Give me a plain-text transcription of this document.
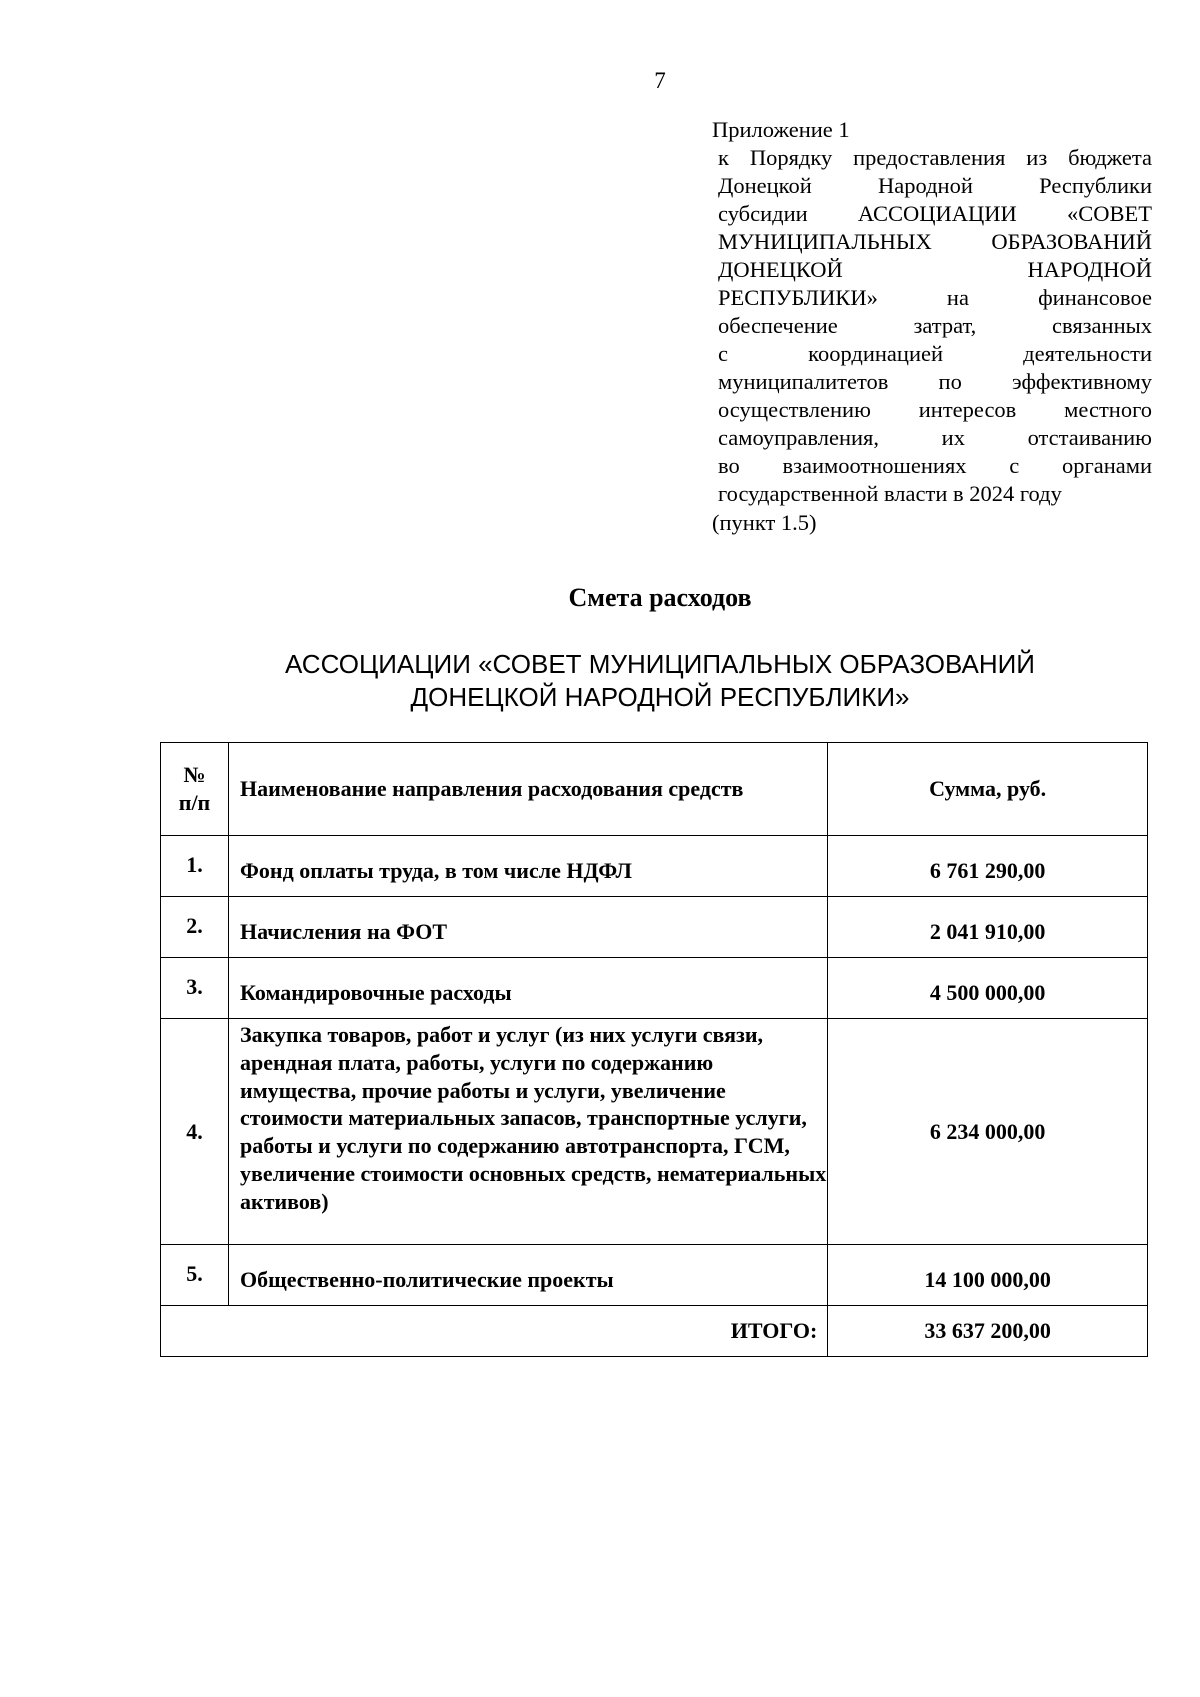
7
Приложение 1
к Порядку предоставления из бюджета
Донецкой Народной Республики
субсидии АССОЦИАЦИИ «СОВЕТ
МУНИЦИПАЛЬНЫХ ОБРАЗОВАНИЙ
ДОНЕЦКОЙ НАРОДНОЙ
РЕСПУБЛИКИ» на финансовое
обеспечение затрат, связанных
с координацией деятельности
муниципалитетов по эффективному
осуществлению интересов местного
самоуправления, их отстаиванию
во взаимоотношениях с органами
государственной власти в 2024 году
(пункт 1.5)
Смета расходов
АССОЦИАЦИИ «СОВЕТ МУНИЦИПАЛЬНЫХ ОБРАЗОВАНИЙ
ДОНЕЦКОЙ НАРОДНОЙ РЕСПУБЛИКИ»
№
п/п	Наименование направления расходования средств	Сумма, руб.
1.	Фонд оплаты труда, в том числе НДФЛ	6 761 290,00
2.	Начисления на ФОТ	2 041 910,00
3.	Командировочные расходы	4 500 000,00
4.	Закупка товаров, работ и услуг (из них услуги связи, арендная плата, работы, услуги по содержанию имущества, прочие работы и услуги, увеличение стоимости материальных запасов, транспортные услуги, работы и услуги по содержанию автотранспорта, ГСМ, увеличение стоимости основных средств, нематериальных активов)	6 234 000,00
5.	Общественно-политические проекты	14 100 000,00
ИТОГО:		33 637 200,00
